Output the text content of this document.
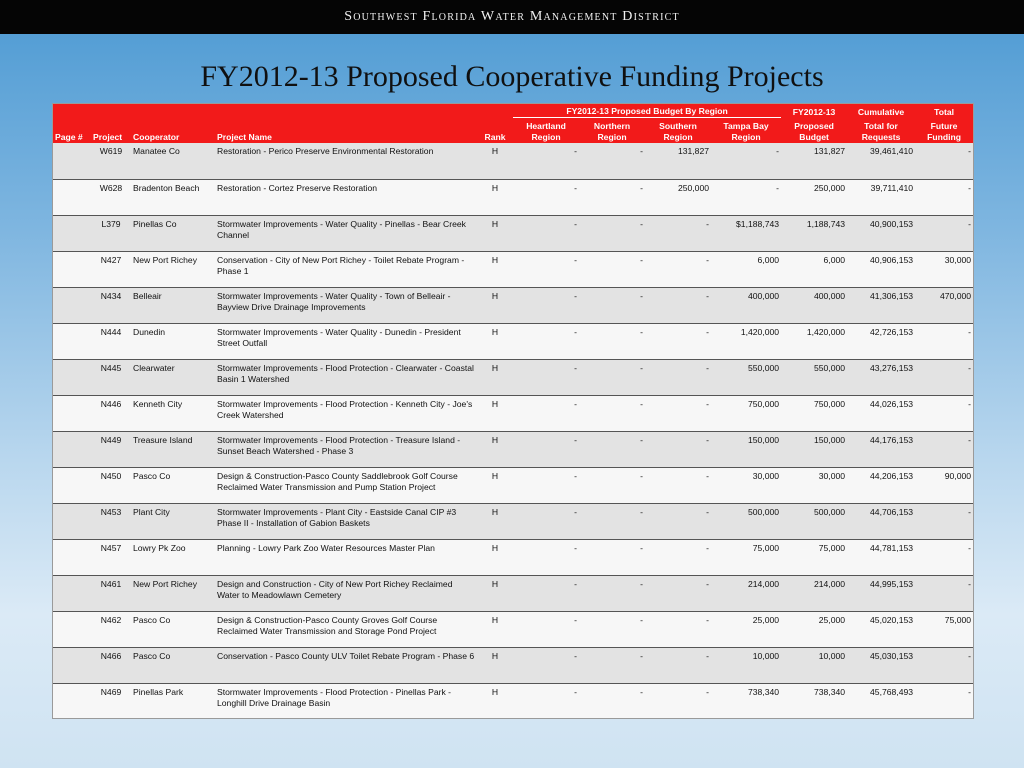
Southwest Florida Water Management District
FY2012-13 Proposed Cooperative Funding Projects
					FY2012-13 Proposed Budget By Region				FY2012-13	Cumulative	Total
Page #	Project	Cooperator	Project Name	Rank	Heartland Region	Northern Region	Southern Region	Tampa Bay Region	Proposed Budget	Total for Requests	Future Funding
	W619	Manatee Co	Restoration - Perico Preserve Environmental Restoration	H	-	-	131,827	-	131,827	39,461,410	-
	W628	Bradenton Beach	Restoration - Cortez Preserve Restoration	H	-	-	250,000	-	250,000	39,711,410	-
	L379	Pinellas Co	Stormwater Improvements - Water Quality - Pinellas - Bear Creek Channel	H	-	-	-	$1,188,743	1,188,743	40,900,153	-
	N427	New Port Richey	Conservation - City of New Port Richey - Toilet Rebate Program - Phase 1	H	-	-	-	6,000	6,000	40,906,153	30,000
	N434	Belleair	Stormwater Improvements - Water Quality - Town of Belleair - Bayview Drive Drainage Improvements	H	-	-	-	400,000	400,000	41,306,153	470,000
	N444	Dunedin	Stormwater Improvements - Water Quality - Dunedin - President Street Outfall	H	-	-	-	1,420,000	1,420,000	42,726,153	-
	N445	Clearwater	Stormwater Improvements - Flood Protection - Clearwater - Coastal Basin 1 Watershed	H	-	-	-	550,000	550,000	43,276,153	-
	N446	Kenneth City	Stormwater Improvements - Flood Protection - Kenneth City - Joe's Creek Watershed	H	-	-	-	750,000	750,000	44,026,153	-
	N449	Treasure Island	Stormwater Improvements - Flood Protection - Treasure Island - Sunset Beach Watershed - Phase 3	H	-	-	-	150,000	150,000	44,176,153	-
	N450	Pasco Co	Design & Construction-Pasco County Saddlebrook Golf Course Reclaimed Water Transmission and Pump Station Project	H	-	-	-	30,000	30,000	44,206,153	90,000
	N453	Plant City	Stormwater Improvements - Plant City - Eastside Canal CIP #3 Phase II - Installation of Gabion Baskets	H	-	-	-	500,000	500,000	44,706,153	-
	N457	Lowry Pk Zoo	Planning - Lowry Park Zoo Water Resources Master Plan	H	-	-	-	75,000	75,000	44,781,153	-
	N461	New Port Richey	Design and Construction - City of New Port Richey Reclaimed Water to Meadowlawn Cemetery	H	-	-	-	214,000	214,000	44,995,153	-
	N462	Pasco Co	Design & Construction-Pasco County Groves Golf Course Reclaimed Water Transmission and Storage Pond Project	H	-	-	-	25,000	25,000	45,020,153	75,000
	N466	Pasco Co	Conservation - Pasco County ULV Toilet Rebate Program - Phase 6	H	-	-	-	10,000	10,000	45,030,153	-
	N469	Pinellas Park	Stormwater Improvements - Flood Protection - Pinellas Park - Longhill Drive Drainage Basin	H	-	-	-	738,340	738,340	45,768,493	-
